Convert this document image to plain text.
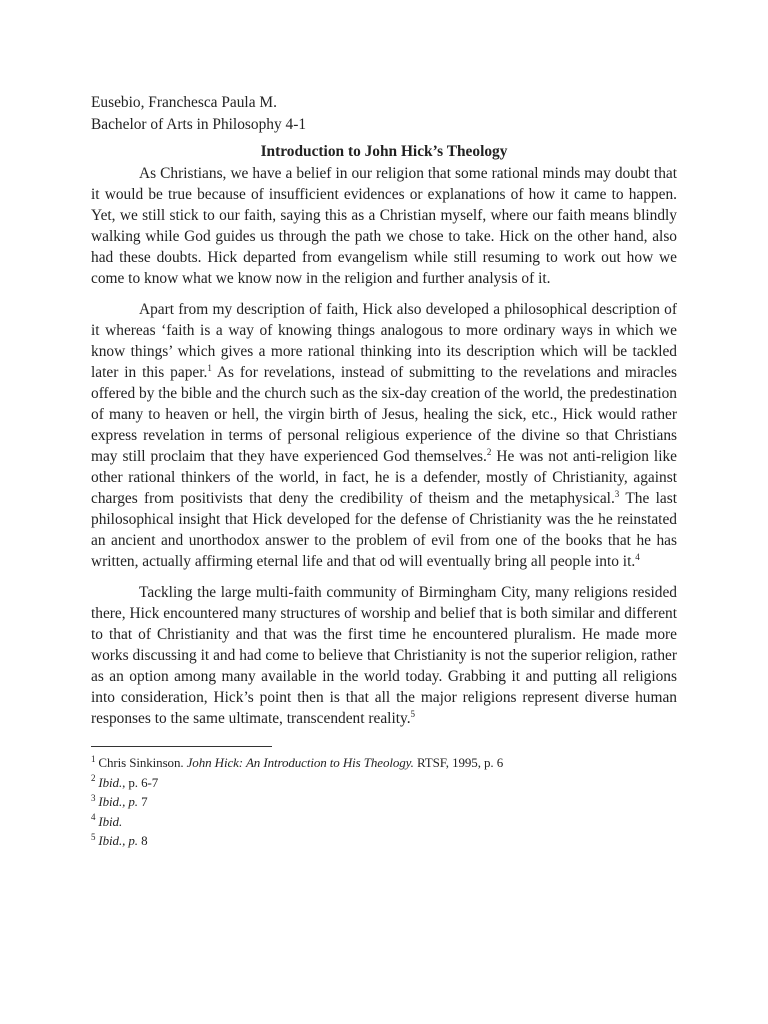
Eusebio, Franchesca Paula M.

Bachelor of Arts in Philosophy 4-1

Introduction to John Hick’s Theology

As Christians, we have a belief in our religion that some rational minds may doubt that it would be true because of insufficient evidences or explanations of how it came to happen. Yet, we still stick to our faith, saying this as a Christian myself, where our faith means blindly walking while God guides us through the path we chose to take. Hick on the other hand, also had these doubts. Hick departed from evangelism while still resuming to work out how we come to know what we know now in the religion and further analysis of it.

Apart from my description of faith, Hick also developed a philosophical description of it whereas ‘faith is a way of knowing things analogous to more ordinary ways in which we know things’ which gives a more rational thinking into its description which will be tackled later in this paper.$^1$ As for revelations, instead of submitting to the revelations and miracles offered by the bible and the church such as the six-day creation of the world, the predestination of many to heaven or hell, the virgin birth of Jesus, healing the sick, etc., Hick would rather express revelation in terms of personal religious experience of the divine so that Christians may still proclaim that they have experienced God themselves.$^2$ He was not anti-religion like other rational thinkers of the world, in fact, he is a defender, mostly of Christianity, against charges from positivists that deny the credibility of theism and the metaphysical.$^3$ The last philosophical insight that Hick developed for the defense of Christianity was the he reinstated an ancient and unorthodox answer to the problem of evil from one of the books that he has written, actually affirming eternal life and that od will eventually bring all people into it.$^4$

Tackling the large multi-faith community of Birmingham City, many religions resided there, Hick encountered many structures of worship and belief that is both similar and different to that of Christianity and that was the first time he encountered pluralism. He made more works discussing it and had come to believe that Christianity is not the superior religion, rather as an option among many available in the world today. Grabbing it and putting all religions into consideration, Hick’s point then is that all the major religions represent diverse human responses to the same ultimate, transcendent reality.$^5$

$^1$ Chris Sinkinson. John Hick: An Introduction to His Theology. RTSF, 1995, p. 6

$^2$ Ibid., p. 6-7

$^3$ Ibid., p. 7

$^4$ Ibid.

$^5$ Ibid., p. 8
